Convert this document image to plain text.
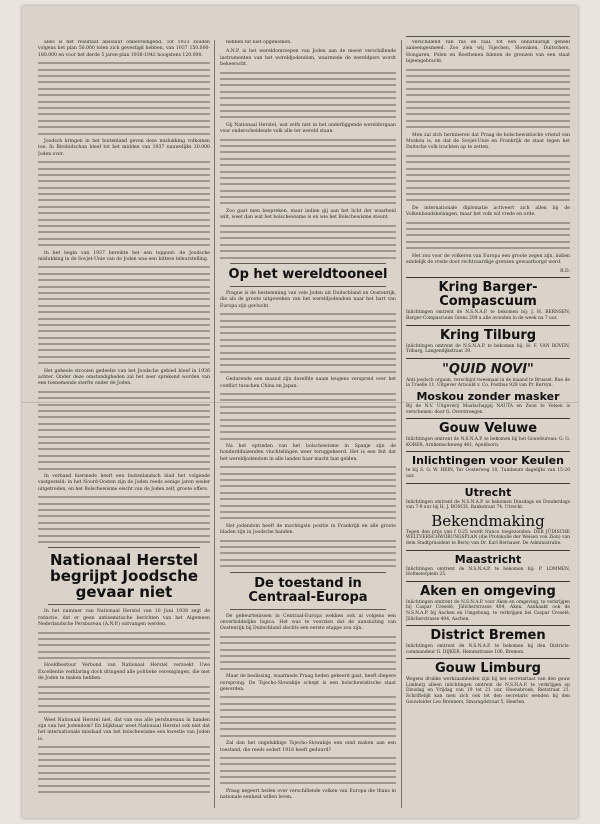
alles is het resultaat absoluut onbevredigend. Tot 1933 zouden volgens het plan 50.000 tolen zich gevestigd hebben, van 1937 150.000-180.000 en voor het derde 5 jaren-plan 1938-1942 hoogstens 120.000.

Joodsch kringen in het buitenland geven deze mislukking volkomen toe. In Birobidschan bleef tot het midden van 1937 nauwelijks 20.000 Joden over.

In het begin van 1937 bereikte het een toppunt: de Joodsche mislukking in de Sovjet-Unie van de Joden was een bittere teleurstelling.

Het geheele strooien gedeelte van het Joodsche gebied bleef in 1936 achter. Onder deze omstandigheden zal het zeer sprekend worden van een toenemende sterfte onder de Joden.

In verband hiermede heeft een buitenlandsch blad het volgende vastgesteld: in het Noord-Oosten zijn de Joden reeds eenige jaren weder uitgetreden, en het Bolschewisme eischt van de Joden zelf, groote offers.

Nationaal Herstel begrijpt Joodsche gevaar niet

In het nummer van Nationaal Herstel van 10 Juni 1938 zegt de redactie, dat er geen antisemitische berichten van het Algemeen Nederlandsche Persbureau (A.N.P.) ontvangen werden.

Hoofdbestuur Verbond van Nationaal Herstel verzoekt Uwe Excellentie verklaring doch dringend alle politieke verenigingen, die met de Joden te maken hebben.

Weet Nationaal Herstel niet, dat van ons alle persbureaux in handen zijn van het Jodendom? En blijkbaar weet Nationaal Herstel ook niet dat het internationale misdaad van het bolschewisme een kwestie van Joden is.

hebben tot niet opgenomen.

A.N.P. is het wereldomroepen van Joden aan de meest verschillende instrumenten van het wereldjodendom, waarmede de wereldpers wordt beheerscht.

Gij Nationaal Herstel, wat zelfs niet in het onderliggende wereldorgaan voor onderscheidende volk alle ter wereld staan.

Zoo gaat men bespreken, maar indien gij aan het licht der waarheid wilt, weet dan wat het bolschewisme is en wie het Bolschewisme steunt.

Op het wereldtooneel

Prague is de bestemming van vele Joden uit Duitschland en Oostenrijk, die als de groote uitgeweken van het wereldjodendom naar het hart van Europa zijn gevlucht.

Gedurende een maand zijn dezelfde naam leugens verspreid over het conflict tusschen China en Japan.

Na het optreden van het bolschewisme in Spanje zijn de honderdduizenden vluchtelingen weer teruggekeerd. Het is een feit dat het wereldjodendom in alle landen haar macht laat gelden.

Het jodendom heeft de machtigste positie in Frankrijk en alle groote bladen zijn in Joodsche handen.

De toestand in Centraal-Europa

De gebeurtenissen in Centraal-Europa wekken ook al volgens een onverbiddelijke logica. Het was te voorzien dat de aansluiting van Oostenrijk bij Duitschland slechts een eerste etappe zou zijn.

Maar de beslissing, waarmede Praag heden gekeerd gaat, heeft diepere oorsprong. De Tsjecho-Slowakije schept is een bolschewistische staat geworden.

Zal dan het ongelukkige Tsjecho-Slowakije een eind maken aan een toestand, die reeds sedert 1918 heeft geduurd?

Praag negeert heden over verschillende volken van Europa die thans in nationale eenheid willen leven.

verschillend van ras en taal, tot een onnatuurlijk geheel aaneengesmeed. Zoo zien wij Tsjechen, Slowaken, Duitschers, Hongaren, Polen en Roethenen binnen de grenzen van een staat bijeengebracht.

Men zal zich herinneren dat Praag de bolschewistische vriend van Moskou is, en dat de Sovjet-Unie en Frankrijk de staat tegen het Duitsche volk trachten op te zetten.

De internationale diplomatie activeert zich allen bij de Volkenbondsbelangen, maar het volk wil vrede en orde.

Het zou voor de volkeren van Europa een groote zegen zijn, indien eindelijk de vrede door rechtvaardige grenzen gewaarborgd werd.

R.D.
Kring Barger-Compascuum

Inlichtingen omtrent de N.S.N.A.P. te bekomen bij: J. H. BERNSEN, Barger-Compascuum Grens 209 a alle avonden in de week na 7 uur.

Kring Tilburg

Inlichtingen omtrent de N.S.N.A.P. te bekomen bij: H. F. VAN BOVEN, Tilburg, Langendijkstraat 39.

"QUID NOVI"

Anti-joodsch orgaan, verschijnt tweemaal in de maand te Brussel. Rue de la Truelle 11. Uitgever Arnould v. Co. Postbus 928 van Pr. Kervyn.

Moskou zonder masker

Bij de N.V. Uitgeverij Maatschappij NAUTA en Zoon te Velsen is verschenen: door G. Overstreegen.

Gouw Veluwe

Inlichtingen omtrent de N.S.N.A.P. te bekomen bij het Gouwbureau: G. G. KORER, Arnhemscheweg 461, Apeldoorn.

Inlichtingen voor Keulen

te bij S. G. W. HEIN, Ter Oosterweg 10, Tuinbeurs dagelijks van 15-20 uur.

Utrecht

Inlichtingen omtrent de N.S.N.A.P. te bekomen Dinsdags en Donderdags van 7-9 uur bij H. J. BOSCH, Bankstraat 74, Utrecht.

Bekendmaking

Tegen den prijs van f 0.25 wordt franco toegezonden: DER JÜDISCHE WELTVERSCHWÖRUNGSPLAN (die Protokolle der Weisen von Zion) van dem Stadtpräsident te Bern) van Dr. Karl Bernauer. De Administratie.

Maastricht

Inlichtingen omtrent de N.S.N.A.P. te bekomen bij: P. LOMMEN, Hofmeierplein 25.

Aken en omgeving

Inlichtingen omtrent de N.S.N.A.P. voor Aken en omgeving, te verkrijgen bij Caspar Creselé, Jülicherstrasse 404, Aken. Aanhaakt ook de N.S.N.A.P. bij Aachen en Umgebung, te verkrijgen bei Caspar Creselé, Jülicherstrasse 404, Aachen.

District Bremen

Inlichtingen omtrent de N.S.N.A.P. te bekomen bij den Districts-commandeur G. DIJKER, Hemmstrasse 106, Bremen.

Gouw Limburg

Wegens drukke werkzaamheden zijn bij het secretariaat van den gouw Limburg alleen inlichtingen omtrent de N.S.N.A.P. te verkrijgen op Dinsdag en Vrijdag van 19 tot 21 uur, Hoensbroek, Rietstraat 21. Schriftelijk kan men zich ook tot den secretaris wenden bij den Gouwleider Leo Brenners, Smaragdstraat 5, Heerlen.
